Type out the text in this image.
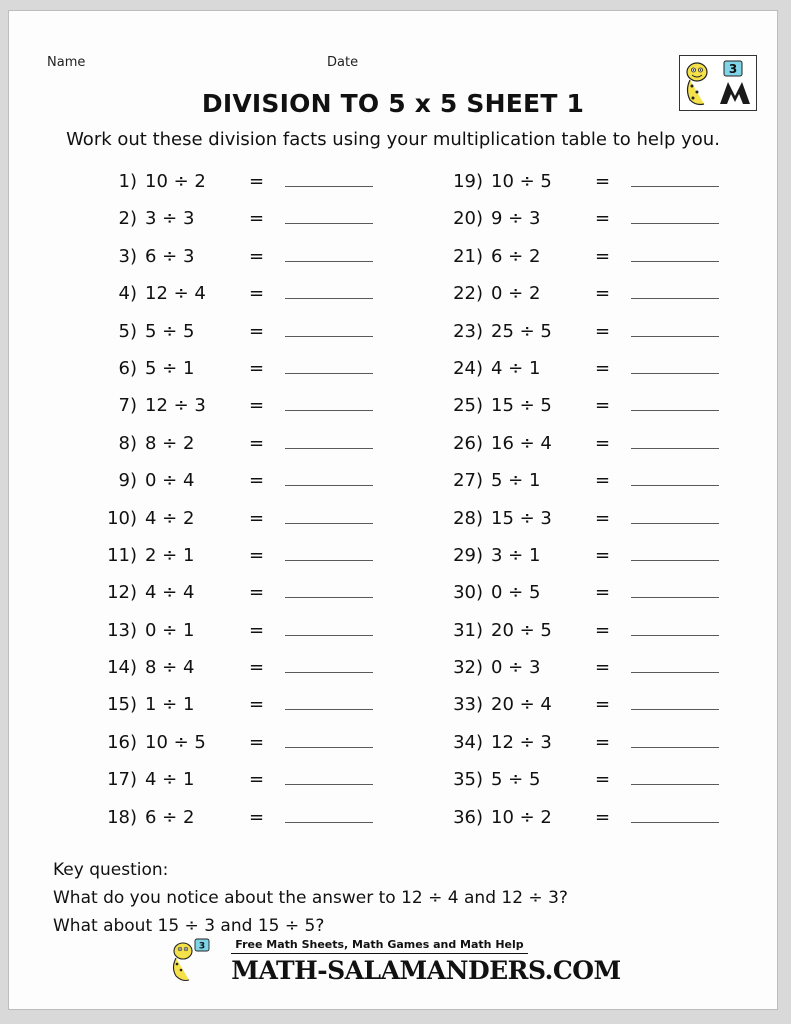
Name	Date	3
DIVISION TO 5 x 5 SHEET 1
Work out these division facts using your multiplication table to help you.
1) 10 ÷ 2	=
2) 3 ÷ 3	=
3) 6 ÷ 3	=
4) 12 ÷ 4	=
5) 5 ÷ 5	=
6) 5 ÷ 1	=
7) 12 ÷ 3	=
8) 8 ÷ 2	=
9) 0 ÷ 4	=
10) 4 ÷ 2	=
11) 2 ÷ 1	=
12) 4 ÷ 4	=
13) 0 ÷ 1	=
14) 8 ÷ 4	=
15) 1 ÷ 1	=
16) 10 ÷ 5	=
17) 4 ÷ 1	=
18) 6 ÷ 2	=
19) 10 ÷ 5	=
20) 9 ÷ 3	=
21) 6 ÷ 2	=
22) 0 ÷ 2	=
23) 25 ÷ 5	=
24) 4 ÷ 1	=
25) 15 ÷ 5	=
26) 16 ÷ 4	=
27) 5 ÷ 1	=
28) 15 ÷ 3	=
29) 3 ÷ 1	=
30) 0 ÷ 5	=
31) 20 ÷ 5	=
32) 0 ÷ 3	=
33) 20 ÷ 4	=
34) 12 ÷ 3	=
35) 5 ÷ 5	=
36) 10 ÷ 2	=
Key question:
What do you notice about the answer to 12 ÷ 4 and 12 ÷ 3?
What about 15 ÷ 3 and 15 ÷ 5?
3	Free Math Sheets, Math Games and Math Help
MATH-SALAMANDERS.COM
